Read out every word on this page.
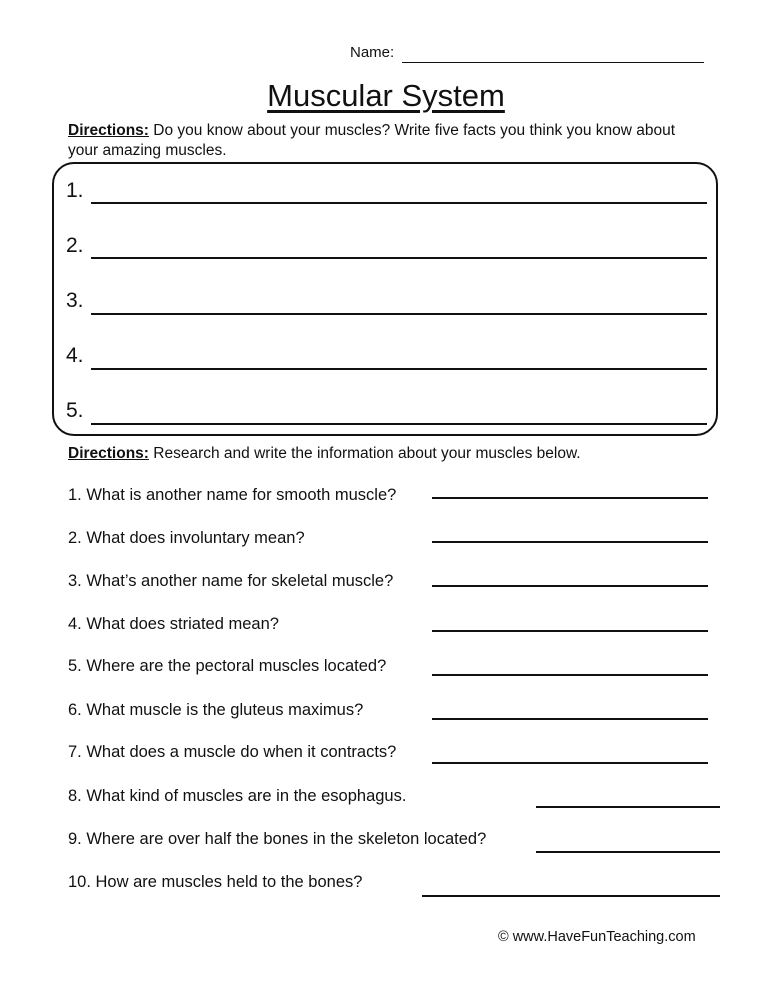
Name:
Muscular System
Directions: Do you know about your muscles? Write five facts you think you know about your amazing muscles.
1.
2.
3.
4.
5.
Directions: Research and write the information about your muscles below.
1. What is another name for smooth muscle?
2. What does involuntary mean?
3. What’s another name for skeletal muscle?
4. What does striated mean?
5. Where are the pectoral muscles located?
6. What muscle is the gluteus maximus?
7. What does a muscle do when it contracts?
8. What kind of muscles are in the esophagus.
9. Where are over half the bones in the skeleton located?
10. How are muscles held to the bones?
© www.HaveFunTeaching.com
